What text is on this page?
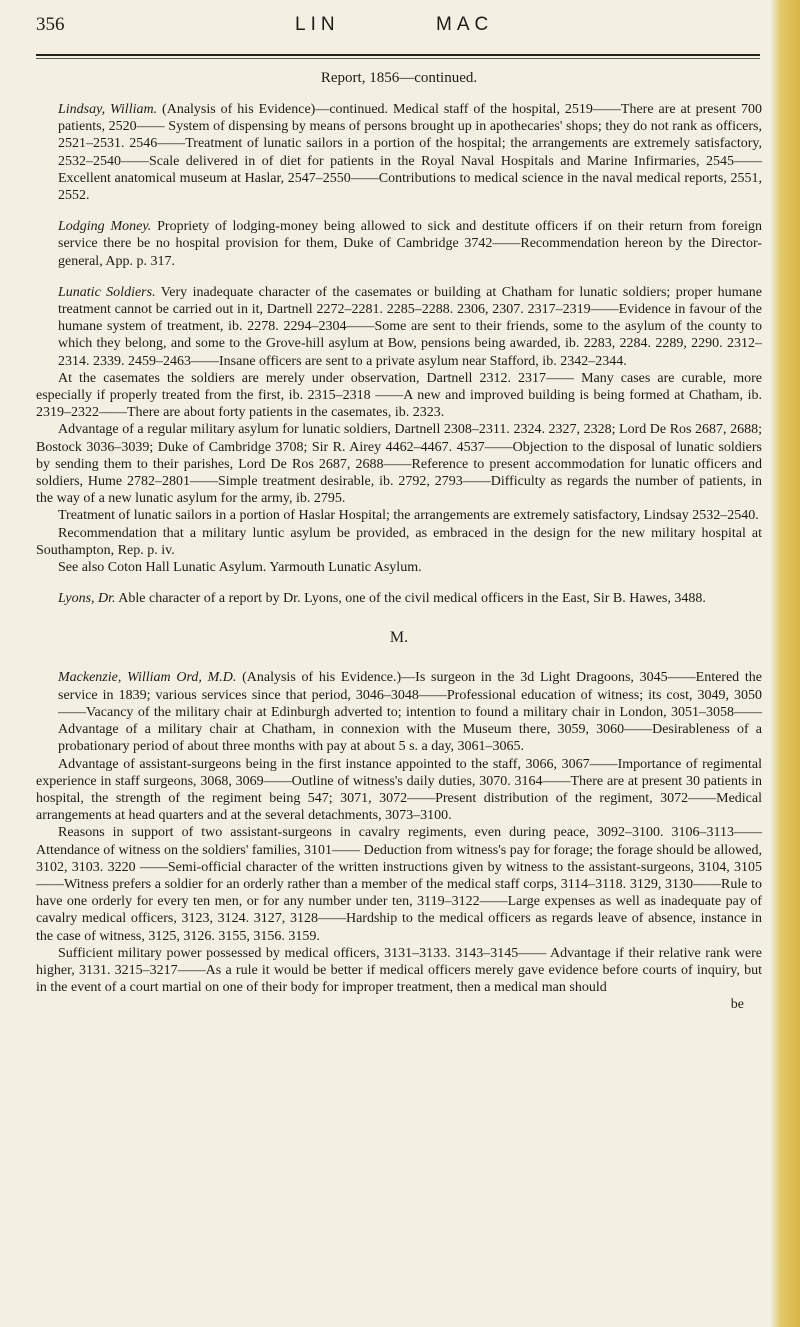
356	LIN	MAC
Report, 1856—continued.

Lindsay, William. (Analysis of his Evidence)—continued. Medical staff of the hospital, 2519——There are at present 700 patients, 2520—— System of dispensing by means of persons brought up in apothecaries' shops; they do not rank as officers, 2521–2531. 2546——Treatment of lunatic sailors in a portion of the hospital; the arrangements are extremely satisfactory, 2532–2540——Scale delivered in of diet for patients in the Royal Naval Hospitals and Marine Infirmaries, 2545—— Excellent anatomical museum at Haslar, 2547–2550——Contributions to medical science in the naval medical reports, 2551, 2552.

Lodging Money. Propriety of lodging-money being allowed to sick and destitute officers if on their return from foreign service there be no hospital provision for them, Duke of Cambridge 3742——Recommendation hereon by the Director-general, App. p. 317.

Lunatic Soldiers. Very inadequate character of the casemates or building at Chatham for lunatic soldiers; proper humane treatment cannot be carried out in it, Dartnell 2272–2281. 2285–2288. 2306, 2307. 2317–2319——Evidence in favour of the humane system of treatment, ib. 2278. 2294–2304——Some are sent to their friends, some to the asylum of the county to which they belong, and some to the Grove-hill asylum at Bow, pensions being awarded, ib. 2283, 2284. 2289, 2290. 2312–2314. 2339. 2459–2463——Insane officers are sent to a private asylum near Stafford, ib. 2342–2344.

At the casemates the soldiers are merely under observation, Dartnell 2312. 2317—— Many cases are curable, more especially if properly treated from the first, ib. 2315–2318 ——A new and improved building is being formed at Chatham, ib. 2319–2322——There are about forty patients in the casemates, ib. 2323.

Advantage of a regular military asylum for lunatic soldiers, Dartnell 2308–2311. 2324. 2327, 2328; Lord De Ros 2687, 2688; Bostock 3036–3039; Duke of Cambridge 3708; Sir R. Airey 4462–4467. 4537——Objection to the disposal of lunatic soldiers by sending them to their parishes, Lord De Ros 2687, 2688——Reference to present accommodation for lunatic officers and soldiers, Hume 2782–2801——Simple treatment desirable, ib. 2792, 2793——Difficulty as regards the number of patients, in the way of a new lunatic asylum for the army, ib. 2795.

Treatment of lunatic sailors in a portion of Haslar Hospital; the arrangements are extremely satisfactory, Lindsay 2532–2540.

Recommendation that a military luntic asylum be provided, as embraced in the design for the new military hospital at Southampton, Rep. p. iv.

See also Coton Hall Lunatic Asylum. Yarmouth Lunatic Asylum.

Lyons, Dr. Able character of a report by Dr. Lyons, one of the civil medical officers in the East, Sir B. Hawes, 3488.

M.

Mackenzie, William Ord, M.D. (Analysis of his Evidence.)—Is surgeon in the 3d Light Dragoons, 3045——Entered the service in 1839; various services since that period, 3046–3048——Professional education of witness; its cost, 3049, 3050——Vacancy of the military chair at Edinburgh adverted to; intention to found a military chair in London, 3051–3058——Advantage of a military chair at Chatham, in connexion with the Museum there, 3059, 3060——Desirableness of a probationary period of about three months with pay at about 5 s. a day, 3061–3065.

Advantage of assistant-surgeons being in the first instance appointed to the staff, 3066, 3067——Importance of regimental experience in staff surgeons, 3068, 3069——Outline of witness's daily duties, 3070. 3164——There are at present 30 patients in hospital, the strength of the regiment being 547; 3071, 3072——Present distribution of the regiment, 3072——Medical arrangements at head quarters and at the several detachments, 3073–3100.

Reasons in support of two assistant-surgeons in cavalry regiments, even during peace, 3092–3100. 3106–3113——Attendance of witness on the soldiers' families, 3101—— Deduction from witness's pay for forage; the forage should be allowed, 3102, 3103. 3220 ——Semi-official character of the written instructions given by witness to the assistant-surgeons, 3104, 3105——Witness prefers a soldier for an orderly rather than a member of the medical staff corps, 3114–3118. 3129, 3130——Rule to have one orderly for every ten men, or for any number under ten, 3119–3122——Large expenses as well as inadequate pay of cavalry medical officers, 3123, 3124. 3127, 3128——Hardship to the medical officers as regards leave of absence, instance in the case of witness, 3125, 3126. 3155, 3156. 3159.

Sufficient military power possessed by medical officers, 3131–3133. 3143–3145—— Advantage if their relative rank were higher, 3131. 3215–3217——As a rule it would be better if medical officers merely gave evidence before courts of inquiry, but in the event of a court martial on one of their body for improper treatment, then a medical man should

be
